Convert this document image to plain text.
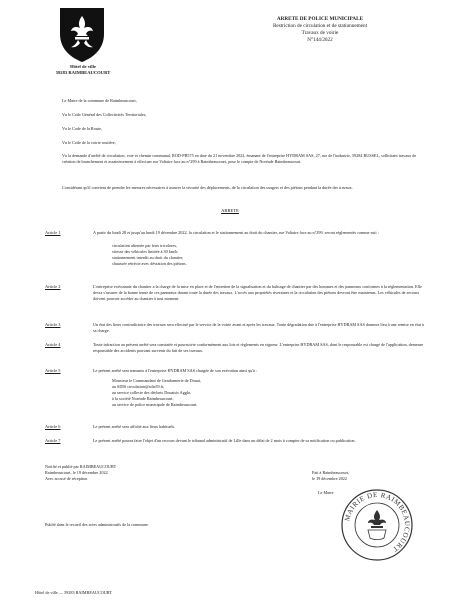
Hôtel de ville
59283 RAIMBEAUCOURT
ARRETE DE POLICE MUNICIPALE
Restriction de circulation et de stationnement
Travaux de voirie
N°144/2022
Le Maire de la commune de Raimbeaucourt,
Vu le Code Général des Collectivités Territoriales,
Vu le Code de la Route,
Vu le Code de la voirie routière,
Vu la demande d'arrêté de circulation, voie et chemin communal, ROD-PB575 en date du 21 novembre 2022, émanant de l'entreprise HYDRAM SAS, 27, rue de l'industrie, 59284 RUSSEL, sollicitant travaux de création de branchement et assainissement à effectuer rue Voltaire face au n°299 à Raimbeaucourt, pour le compte de Noréade Raimbeaucourt.
Considérant qu'il convient de prendre les mesures nécessaires à assurer la sécurité des déplacements, de la circulation des usagers et des piétons pendant la durée des travaux.
ARRETE
Article 1	A partir du lundi 28 et jusqu'au lundi 19 décembre 2022, la circulation et le stationnement au droit du chantier, rue Voltaire face au n°299, seront réglementés comme suit :
circulation alternée par feux tricolores,
vitesse des véhicules limitée à 30 km/h,
stationnement interdit au droit du chantier,
chaussée rétrécie avec déviation des piétons.
Article 2	L'entreprise exécutante du chantier a la charge de la mise en place et de l'entretien de la signalisation et du balisage de chantier par des hommes et des panneaux conformes à la réglementation. Elle devra s'assurer de la bonne tenue de ces panneaux durant toute la durée des travaux. L'accès aux propriétés riveraines et la circulation des piétons devront être maintenus. Les véhicules de secours doivent pouvoir accéder au chantier à tout moment.
Article 3	Un état des lieux contradictoire des travaux sera effectué par le service de la voirie avant et après les travaux. Toute dégradation due à l'entreprise HYDRAM SAS donnera lieu à une remise en état à sa charge.
Article 4	Toute infraction au présent arrêté sera constatée et poursuivie conformément aux lois et règlements en vigueur. L'entreprise HYDRAM SAS, dont le responsable est chargé de l'application, demeure responsable des accidents pouvant survenir du fait de ses travaux.
Article 5	Le présent arrêté sera transmis à l'entreprise HYDRAM SAS chargée de son exécution ainsi qu'à :
Monsieur le Commandant de Gendarmerie de Douai,
au SDIS circulation@sdis59.fr,
au service collecte des déchets Douaisis Agglo,
à la société Noréade Raimbeaucourt,
au service de police municipale de Raimbeaucourt.
Article 6	Le présent arrêté sera affiché aux lieux habituels.
Article 7	Le présent arrêté pourra faire l'objet d'un recours devant le tribunal administratif de Lille dans un délai de 2 mois à compter de sa notification ou publication.
Notifié et publié par RAIMBEAUCOURT
Raimbeaucourt, le 19 décembre 2022
Avec accusé de réception
Fait à Raimbeaucourt,
le 19 décembre 2022
Le Maire
MAIRIE DE RAIMBEAUCOURT
Publié dans le recueil des actes administratifs de la commune.
Hôtel de ville — 59283 RAIMBEAUCOURT
